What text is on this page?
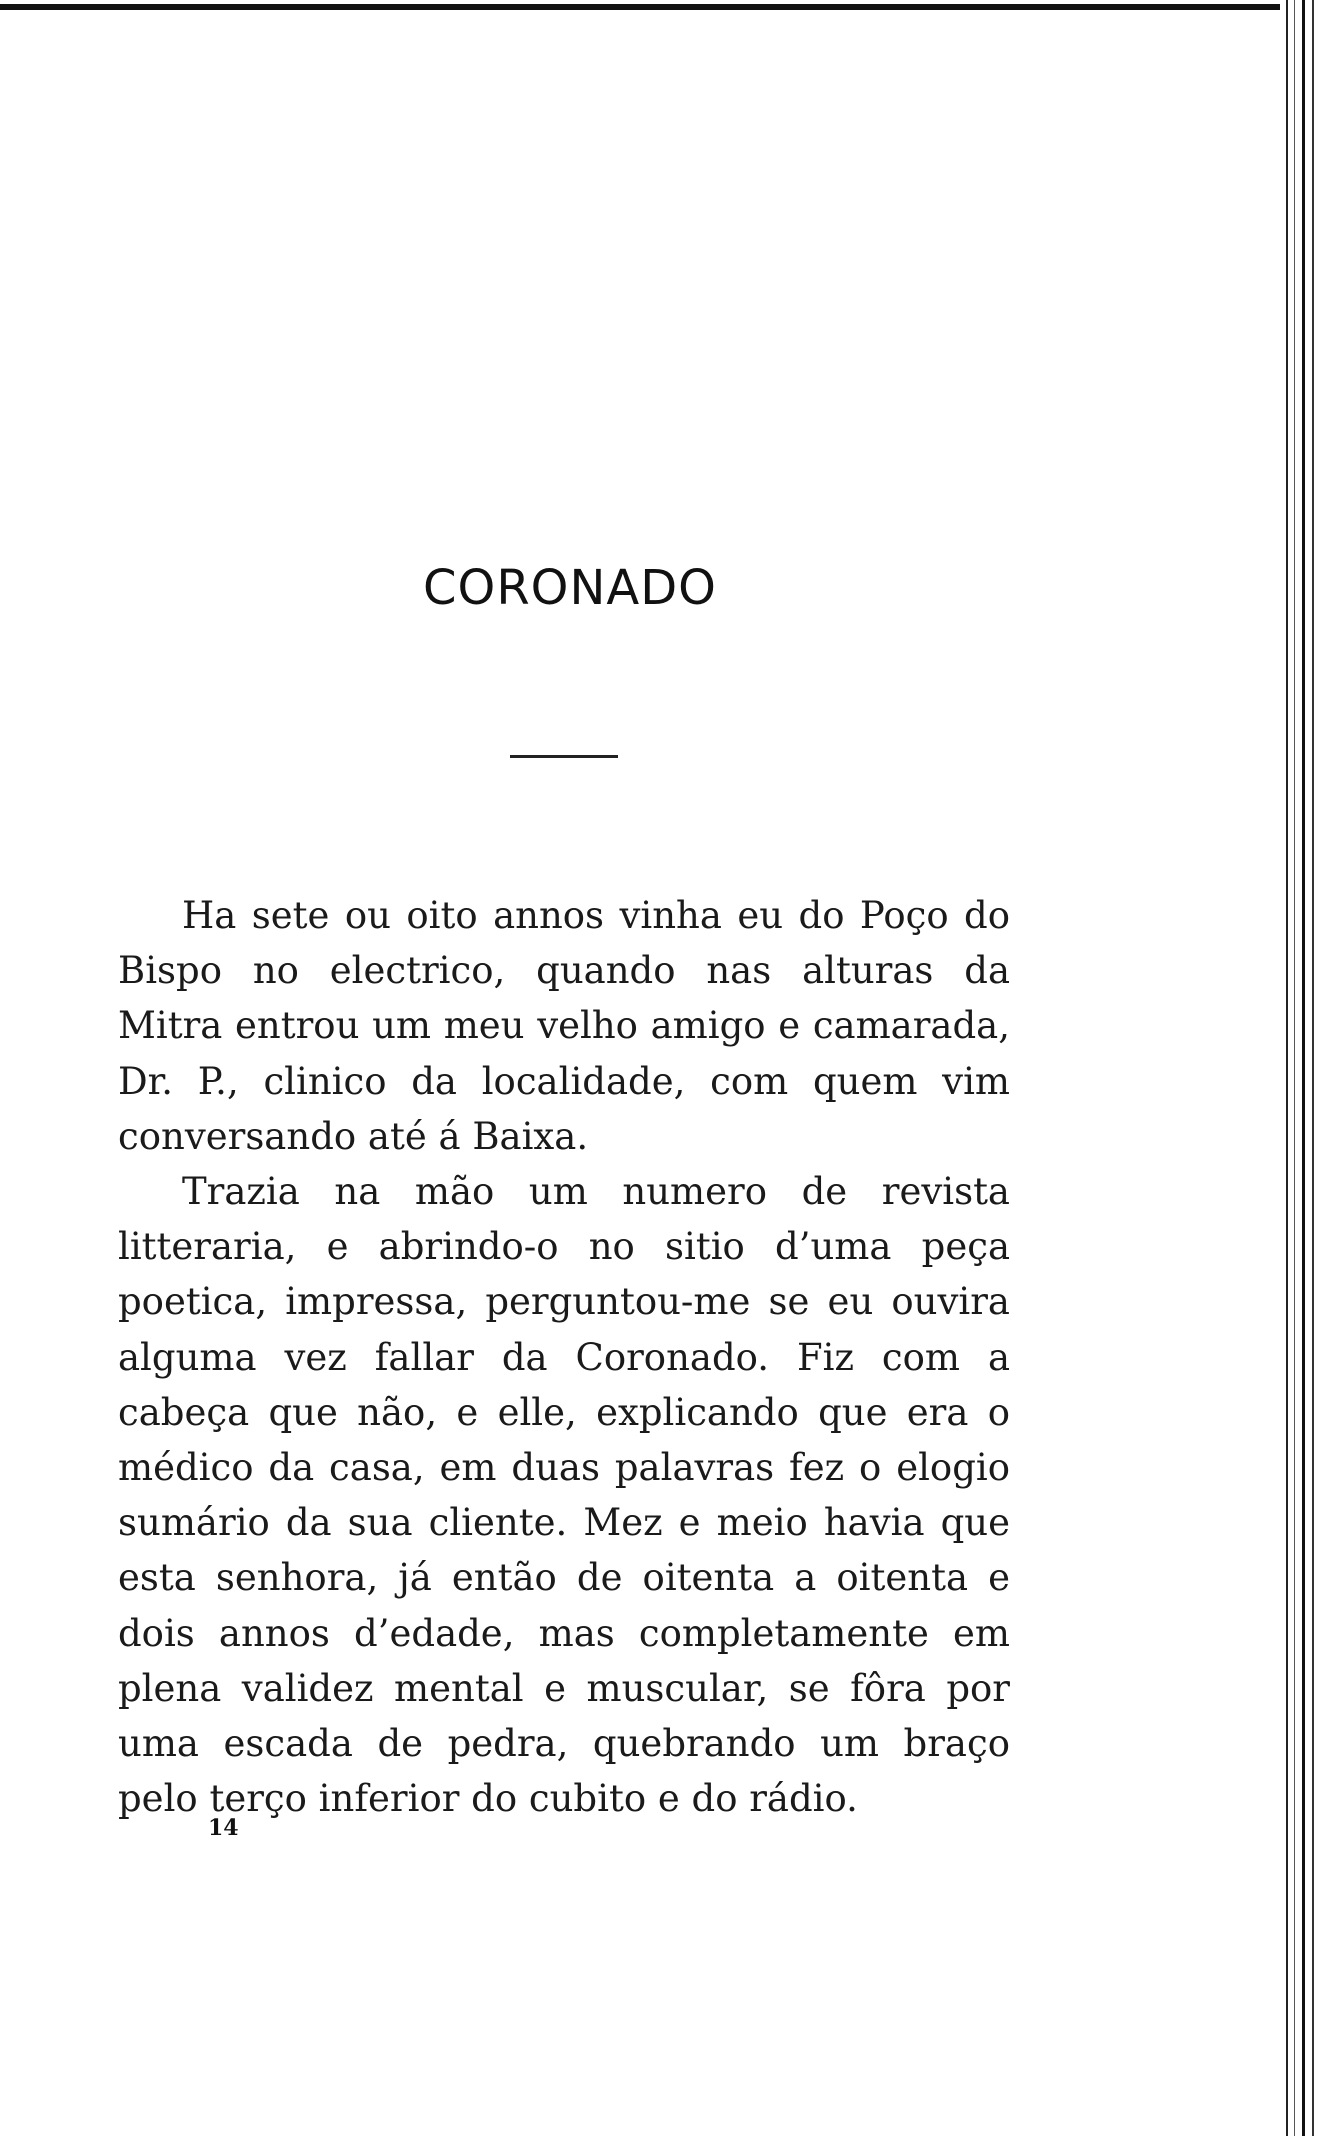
CORONADO

Ha sete ou oito annos vinha eu do Poço do Bispo no electrico, quando nas alturas da Mitra entrou um meu velho amigo e camarada, Dr. P., clinico da localidade, com quem vim conversando até á Baixa.

Trazia na mão um numero de revista litteraria, e abrindo-o no sitio d’uma peça poetica, impressa, perguntou-me se eu ouvira alguma vez fallar da Coronado. Fiz com a cabeça que não, e elle, explicando que era o médico da casa, em duas palavras fez o elogio sumário da sua cliente. Mez e meio havia que esta senhora, já então de oitenta a oitenta e dois annos d’edade, mas completamente em plena validez mental e muscular, se fôra por uma escada de pedra, quebrando um braço pelo terço inferior do cubito e do rádio.

14
